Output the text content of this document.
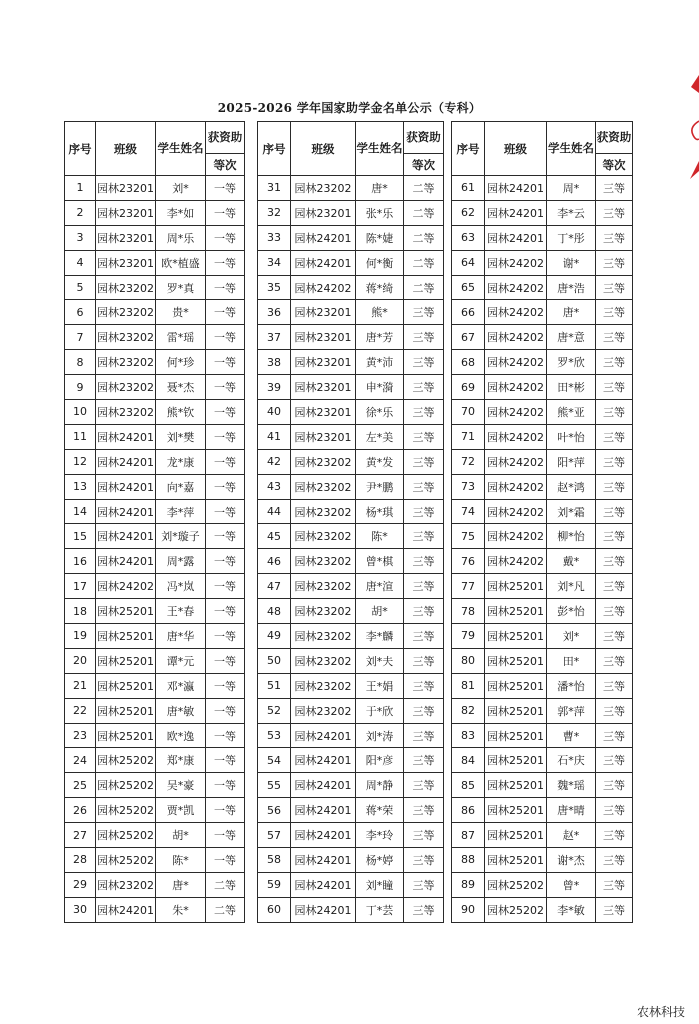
2025-2026 学年国家助学金名单公示（专科）
序号	班级	学生姓名	获资助

			等次
1	园林23201	刘*	一等
2	园林23201	李*如	一等
3	园林23201	周*乐	一等
4	园林23201	欧*植盛	一等
5	园林23202	罗*真	一等
6	园林23202	贵*	一等
7	园林23202	雷*瑶	一等
8	园林23202	何*珍	一等
9	园林23202	聂*杰	一等
10	园林23202	熊*钦	一等
11	园林24201	刘*樊	一等
12	园林24201	龙*康	一等
13	园林24201	向*嘉	一等
14	园林24201	李*萍	一等
15	园林24201	刘*璇子	一等
16	园林24201	周*露	一等
17	园林24202	冯*岚	一等
18	园林25201	王*春	一等
19	园林25201	唐*华	一等
20	园林25201	谭*元	一等
21	园林25201	邓*瀛	一等
22	园林25201	唐*敏	一等
23	园林25201	欧*逸	一等
24	园林25202	郑*康	一等
25	园林25202	吴*豪	一等
26	园林25202	贾*凯	一等
27	园林25202	胡*	一等
28	园林25202	陈*	一等
29	园林23202	唐*	二等
30	园林24201	朱*	二等
序号	班级	学生姓名	获资助

			等次
31	园林23202	唐*	二等
32	园林23201	张*乐	二等
33	园林24201	陈*婕	二等
34	园林24201	何*衡	二等
35	园林24202	蒋*绮	二等
36	园林23201	熊*	三等
37	园林23201	唐*芳	三等
38	园林23201	黄*沛	三等
39	园林23201	申*漪	三等
40	园林23201	徐*乐	三等
41	园林23201	左*美	三等
42	园林23202	黄*发	三等
43	园林23202	尹*鹏	三等
44	园林23202	杨*琪	三等
45	园林23202	陈*	三等
46	园林23202	曾*棋	三等
47	园林23202	唐*渲	三等
48	园林23202	胡*	三等
49	园林23202	李*麟	三等
50	园林23202	刘*夫	三等
51	园林23202	王*娟	三等
52	园林23202	于*欣	三等
53	园林24201	刘*涛	三等
54	园林24201	阳*彦	三等
55	园林24201	周*静	三等
56	园林24201	蒋*荣	三等
57	园林24201	李*玲	三等
58	园林24201	杨*婷	三等
59	园林24201	刘*瞳	三等
60	园林24201	丁*芸	三等
序号	班级	学生姓名	获资助

			等次
61	园林24201	周*	三等
62	园林24201	李*云	三等
63	园林24201	丁*彤	三等
64	园林24202	谢*	三等
65	园林24202	唐*浩	三等
66	园林24202	唐*	三等
67	园林24202	唐*意	三等
68	园林24202	罗*欣	三等
69	园林24202	田*彬	三等
70	园林24202	熊*亚	三等
71	园林24202	叶*怡	三等
72	园林24202	阳*萍	三等
73	园林24202	赵*鸿	三等
74	园林24202	刘*霜	三等
75	园林24202	柳*怡	三等
76	园林24202	戴*	三等
77	园林25201	刘*凡	三等
78	园林25201	彭*怡	三等
79	园林25201	刘*	三等
80	园林25201	田*	三等
81	园林25201	潘*怡	三等
82	园林25201	郭*萍	三等
83	园林25201	曹*	三等
84	园林25201	石*庆	三等
85	园林25201	魏*瑶	三等
86	园林25201	唐*晴	三等
87	园林25201	赵*	三等
88	园林25201	谢*杰	三等
89	园林25202	曾*	三等
90	园林25202	李*敏	三等
农林科技
